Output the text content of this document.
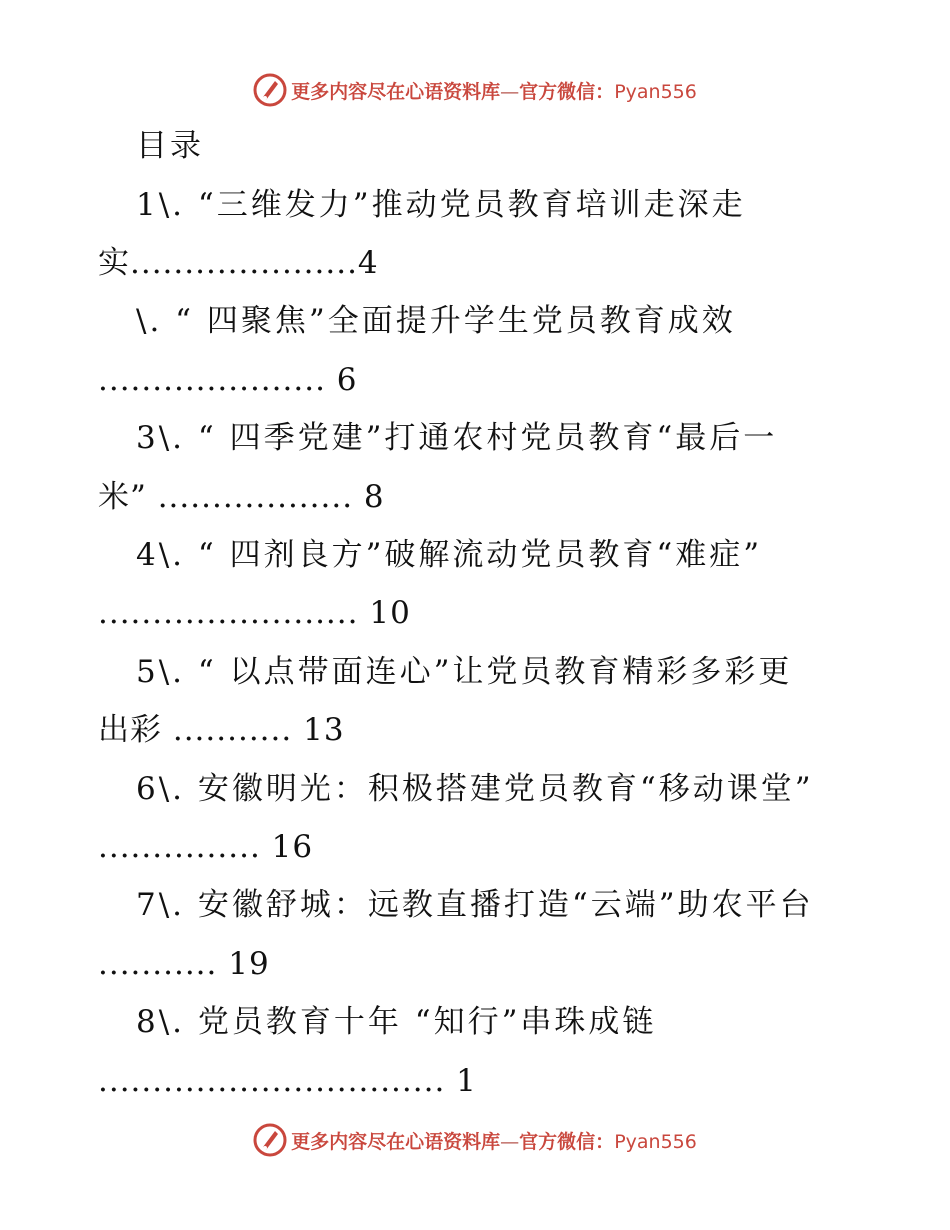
更多内容尽在心语资料库—官方微信：Pyan556
目录
1\. “三维发力”推动党员教育培训走深走
实.....................4
\. “ 四聚焦”全面提升学生党员教育成效
..................... 6
3\. “ 四季党建”打通农村党员教育“最后一
米” .................. 8
4\. “ 四剂良方”破解流动党员教育“难症”
........................ 10
5\. “ 以点带面连心”让党员教育精彩多彩更
出彩 ........... 13
6\. 安徽明光：积极搭建党员教育“移动课堂”
............... 16
7\. 安徽舒城：远教直播打造“云端”助农平台
........... 19
8\. 党员教育十年 “知行”串珠成链
................................ 1
更多内容尽在心语资料库—官方微信：Pyan556
